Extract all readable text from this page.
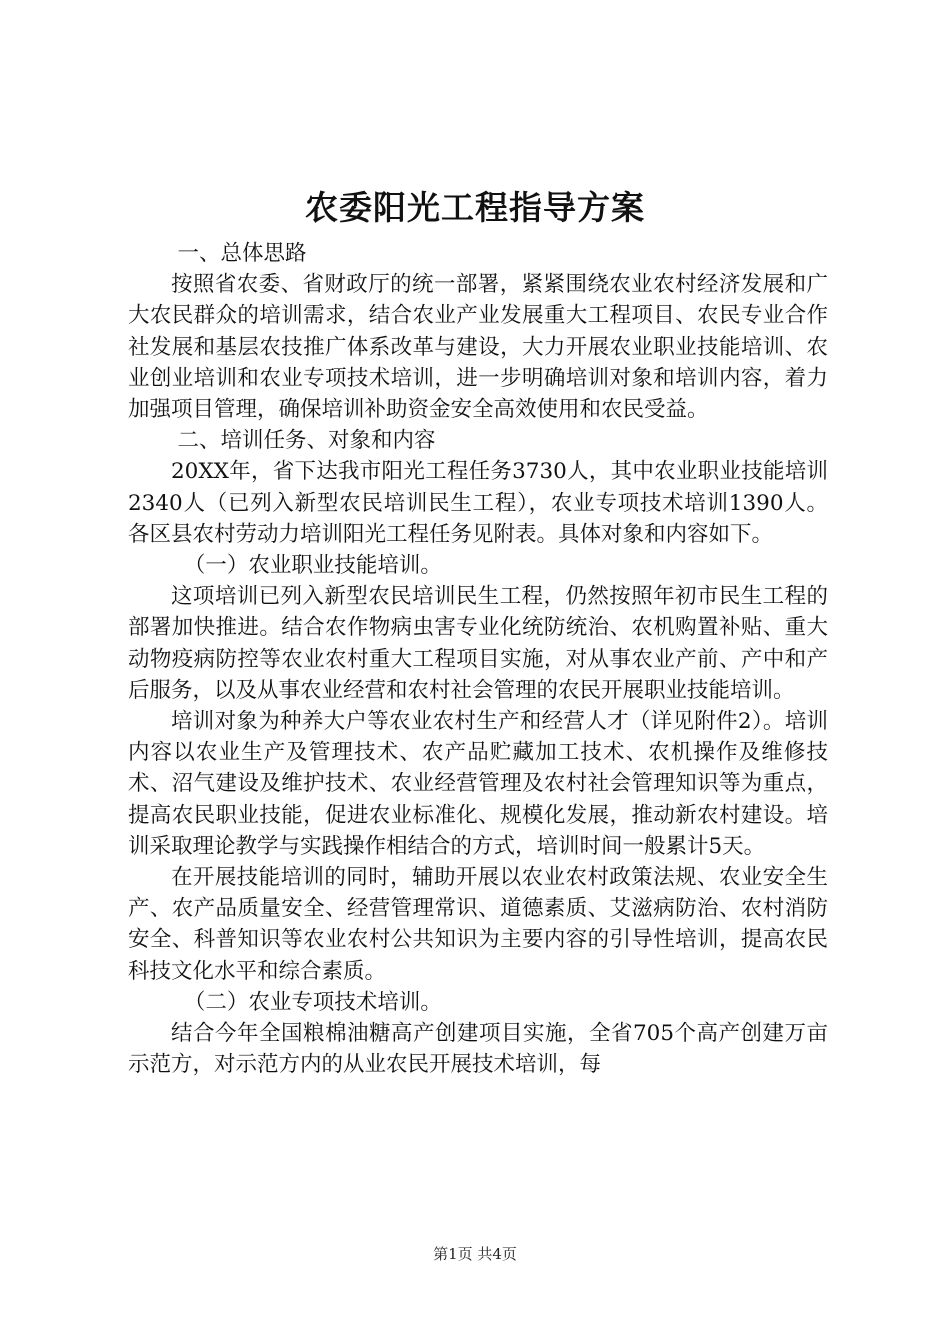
农委阳光工程指导方案

一、总体思路

按照省农委、省财政厅的统一部署，紧紧围绕农业农村经济发展和广大农民群众的培训需求，结合农业产业发展重大工程项目、农民专业合作社发展和基层农技推广体系改革与建设，大力开展农业职业技能培训、农业创业培训和农业专项技术培训，进一步明确培训对象和培训内容，着力加强项目管理，确保培训补助资金安全高效使用和农民受益。

二、培训任务、对象和内容

20XX年，省下达我市阳光工程任务3730人，其中农业职业技能培训2340人（已列入新型农民培训民生工程），农业专项技术培训1390人。各区县农村劳动力培训阳光工程任务见附表。具体对象和内容如下。

（一）农业职业技能培训。

这项培训已列入新型农民培训民生工程，仍然按照年初市民生工程的部署加快推进。结合农作物病虫害专业化统防统治、农机购置补贴、重大动物疫病防控等农业农村重大工程项目实施，对从事农业产前、产中和产后服务，以及从事农业经营和农村社会管理的农民开展职业技能培训。

培训对象为种养大户等农业农村生产和经营人才（详见附件2）。培训内容以农业生产及管理技术、农产品贮藏加工技术、农机操作及维修技术、沼气建设及维护技术、农业经营管理及农村社会管理知识等为重点，提高农民职业技能，促进农业标准化、规模化发展，推动新农村建设。培训采取理论教学与实践操作相结合的方式，培训时间一般累计5天。

在开展技能培训的同时，辅助开展以农业农村政策法规、农业安全生产、农产品质量安全、经营管理常识、道德素质、艾滋病防治、农村消防安全、科普知识等农业农村公共知识为主要内容的引导性培训，提高农民科技文化水平和综合素质。

（二）农业专项技术培训。

结合今年全国粮棉油糖高产创建项目实施，全省705个高产创建万亩示范方，对示范方内的从业农民开展技术培训，每

第1页 共4页
